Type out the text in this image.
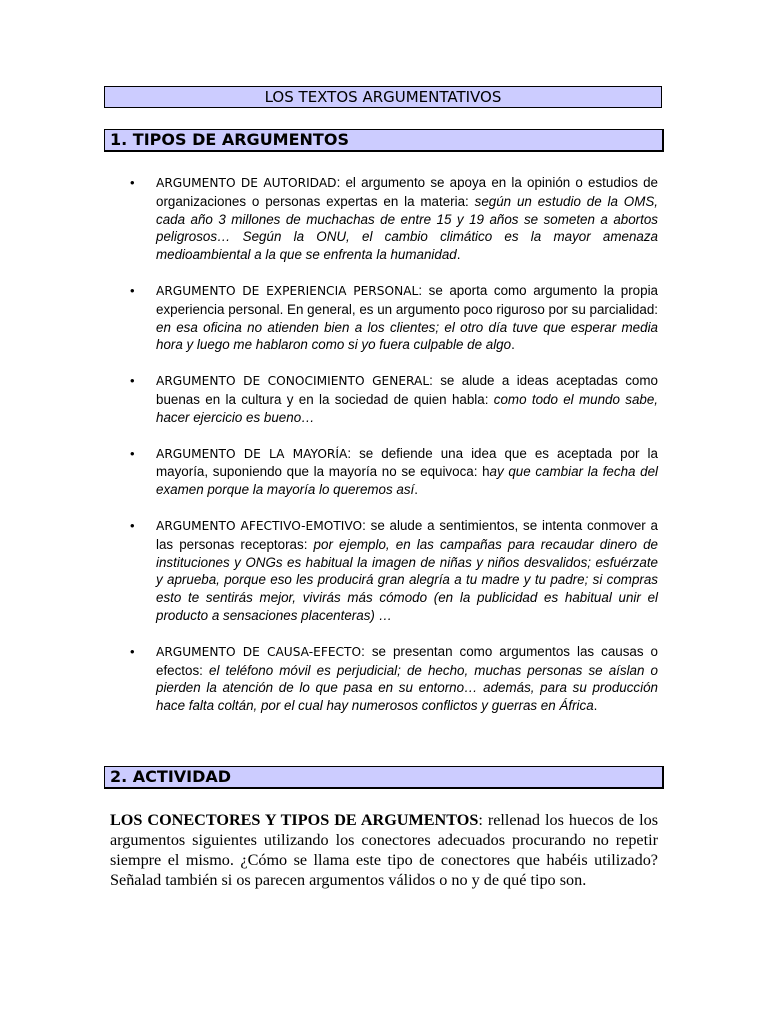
LOS TEXTOS ARGUMENTATIVOS
1. TIPOS DE ARGUMENTOS
• ARGUMENTO DE AUTORIDAD: el argumento se apoya en la opinión o estudios de organizaciones o personas expertas en la materia: según un estudio de la OMS, cada año 3 millones de muchachas de entre 15 y 19 años se someten a abortos peligrosos… Según la ONU, el cambio climático es la mayor amenaza medioambiental a la que se enfrenta la humanidad.
• ARGUMENTO DE EXPERIENCIA PERSONAL: se aporta como argumento la propia experiencia personal. En general, es un argumento poco riguroso por su parcialidad: en esa oficina no atienden bien a los clientes; el otro día tuve que esperar media hora y luego me hablaron como si yo fuera culpable de algo.
• ARGUMENTO DE CONOCIMIENTO GENERAL: se alude a ideas aceptadas como buenas en la cultura y en la sociedad de quien habla: como todo el mundo sabe, hacer ejercicio es bueno…
• ARGUMENTO DE LA MAYORÍA: se defiende una idea que es aceptada por la mayoría, suponiendo que la mayoría no se equivoca: hay que cambiar la fecha del examen porque la mayoría lo queremos así.
• ARGUMENTO AFECTIVO-EMOTIVO: se alude a sentimientos, se intenta conmover a las personas receptoras: por ejemplo, en las campañas para recaudar dinero de instituciones y ONGs es habitual la imagen de niñas y niños desvalidos; esfuérzate y aprueba, porque eso les producirá gran alegría a tu madre y tu padre; si compras esto te sentirás mejor, vivirás más cómodo (en la publicidad es habitual unir el producto a sensaciones placenteras) …
• ARGUMENTO DE CAUSA-EFECTO: se presentan como argumentos las causas o efectos: el teléfono móvil es perjudicial; de hecho, muchas personas se aíslan o pierden la atención de lo que pasa en su entorno… además, para su producción hace falta coltán, por el cual hay numerosos conflictos y guerras en África.
2. ACTIVIDAD

LOS CONECTORES Y TIPOS DE ARGUMENTOS: rellenad los huecos de los argumentos siguientes utilizando los conectores adecuados procurando no repetir siempre el mismo. ¿Cómo se llama este tipo de conectores que habéis utilizado? Señalad también si os parecen argumentos válidos o no y de qué tipo son.
